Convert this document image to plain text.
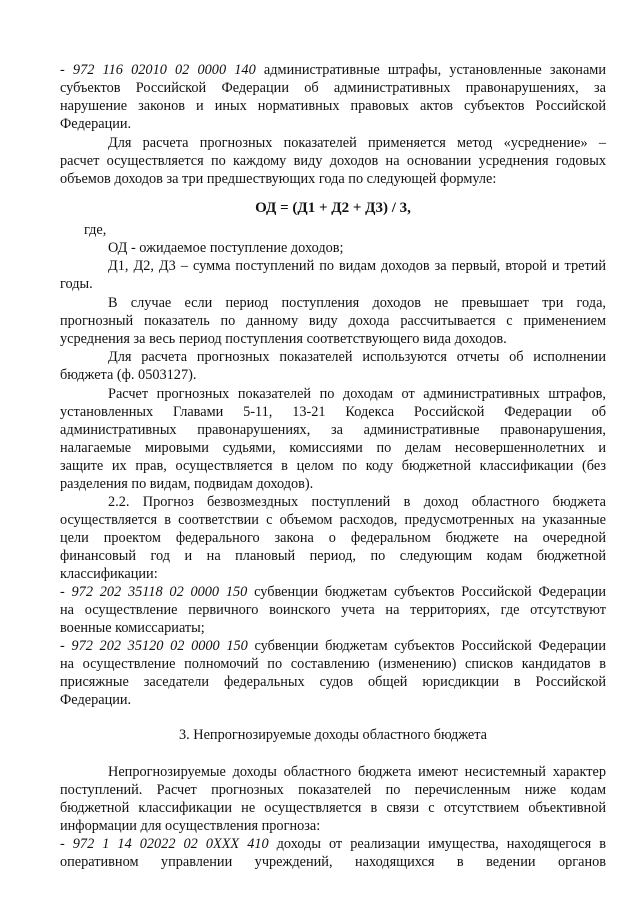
- 972 116 02010 02 0000 140 административные штрафы, установленные законами
субъектов Российской Федерации об административных правонарушениях, за
нарушение законов и иных нормативных правовых актов субъектов Российской
Федерации.
Для расчета прогнозных показателей применяется метод «усреднение» –
расчет осуществляется по каждому виду доходов на основании усреднения годовых
объемов доходов за три предшествующих года по следующей формуле:
ОД = (Д1 + Д2 + Д3) / 3,
где,
ОД - ожидаемое поступление доходов;
Д1, Д2, Д3 – сумма поступлений по видам доходов за первый, второй и третий
годы.
В случае если период поступления доходов не превышает три года,
прогнозный показатель по данному виду дохода рассчитывается с применением
усреднения за весь период поступления соответствующего вида доходов.
Для расчета прогнозных показателей используются отчеты об исполнении
бюджета (ф. 0503127).
Расчет прогнозных показателей по доходам от административных штрафов,
установленных Главами 5-11, 13-21 Кодекса Российской Федерации об
административных правонарушениях, за административные правонарушения,
налагаемые мировыми судьями, комиссиями по делам несовершеннолетних и
защите их прав, осуществляется в целом по коду бюджетной классификации (без
разделения по видам, подвидам доходов).
2.2. Прогноз безвозмездных поступлений в доход областного бюджета
осуществляется в соответствии с объемом расходов, предусмотренных на указанные
цели проектом федерального закона о федеральном бюджете на очередной
финансовый год и на плановый период, по следующим кодам бюджетной
классификации:
- 972 202 35118 02 0000 150 субвенции бюджетам субъектов Российской Федерации
на осуществление первичного воинского учета на территориях, где отсутствуют
военные комиссариаты;
- 972 202 35120 02 0000 150 субвенции бюджетам субъектов Российской Федерации
на осуществление полномочий по составлению (изменению) списков кандидатов в
присяжные заседатели федеральных судов общей юрисдикции в Российской
Федерации.
3. Непрогнозируемые доходы областного бюджета
Непрогнозируемые доходы областного бюджета имеют несистемный характер
поступлений. Расчет прогнозных показателей по перечисленным ниже кодам
бюджетной классификации не осуществляется в связи с отсутствием объективной
информации для осуществления прогноза:
- 972 1 14 02022 02 0XXX 410 доходы от реализации имущества, находящегося в
оперативном управлении учреждений, находящихся в ведении органов
